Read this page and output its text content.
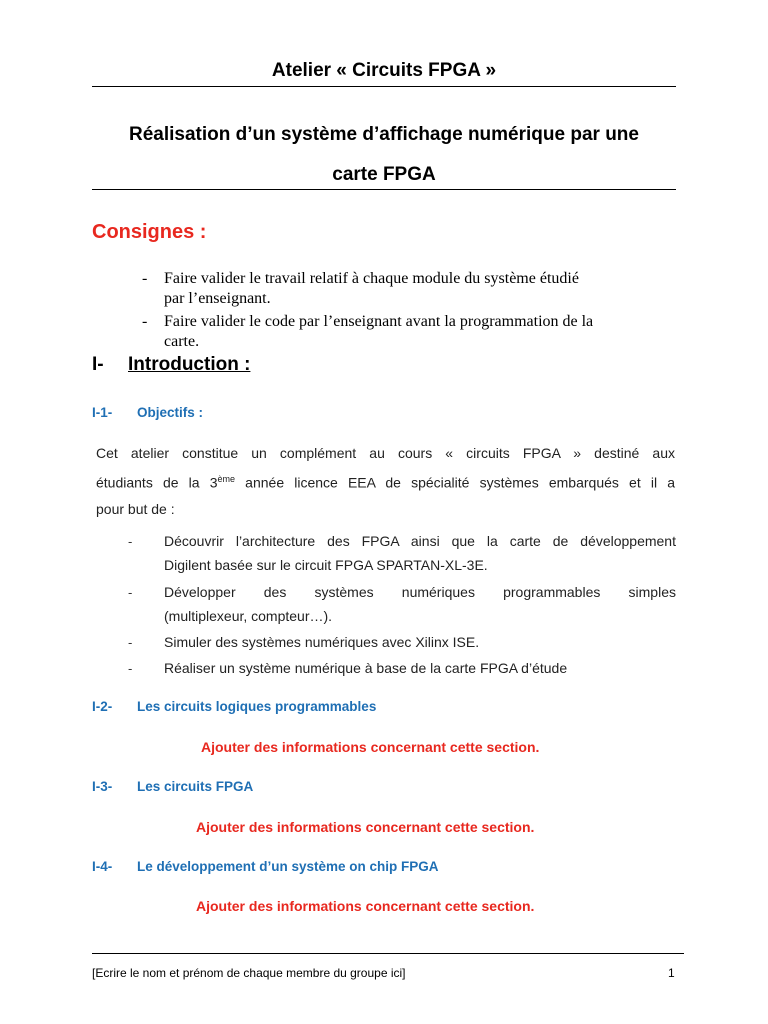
Atelier « Circuits FPGA »
Réalisation d’un système d’affichage numérique par une
carte FPGA
Consignes :
- Faire valider le travail relatif à chaque module du système étudié
par l’enseignant.
- Faire valider le code par l’enseignant avant la programmation de la
carte.
I- Introduction :
I-1- Objectifs :
Cet atelier constitue un complément au cours « circuits FPGA » destiné aux
étudiants de la 3ème année licence EEA de spécialité systèmes embarqués et il a
pour but de :
- Découvrir l’architecture des FPGA ainsi que la carte de développement
Digilent basée sur le circuit FPGA SPARTAN-XL-3E.
- Développer des systèmes numériques programmables simples
(multiplexeur, compteur…).
- Simuler des systèmes numériques avec Xilinx ISE.
- Réaliser un système numérique à base de la carte FPGA d’étude
I-2- Les circuits logiques programmables
Ajouter des informations concernant cette section.
I-3- Les circuits FPGA
Ajouter des informations concernant cette section.
I-4- Le développement d’un système on chip FPGA
Ajouter des informations concernant cette section.
[Ecrire le nom et prénom de chaque membre du groupe ici]	1
